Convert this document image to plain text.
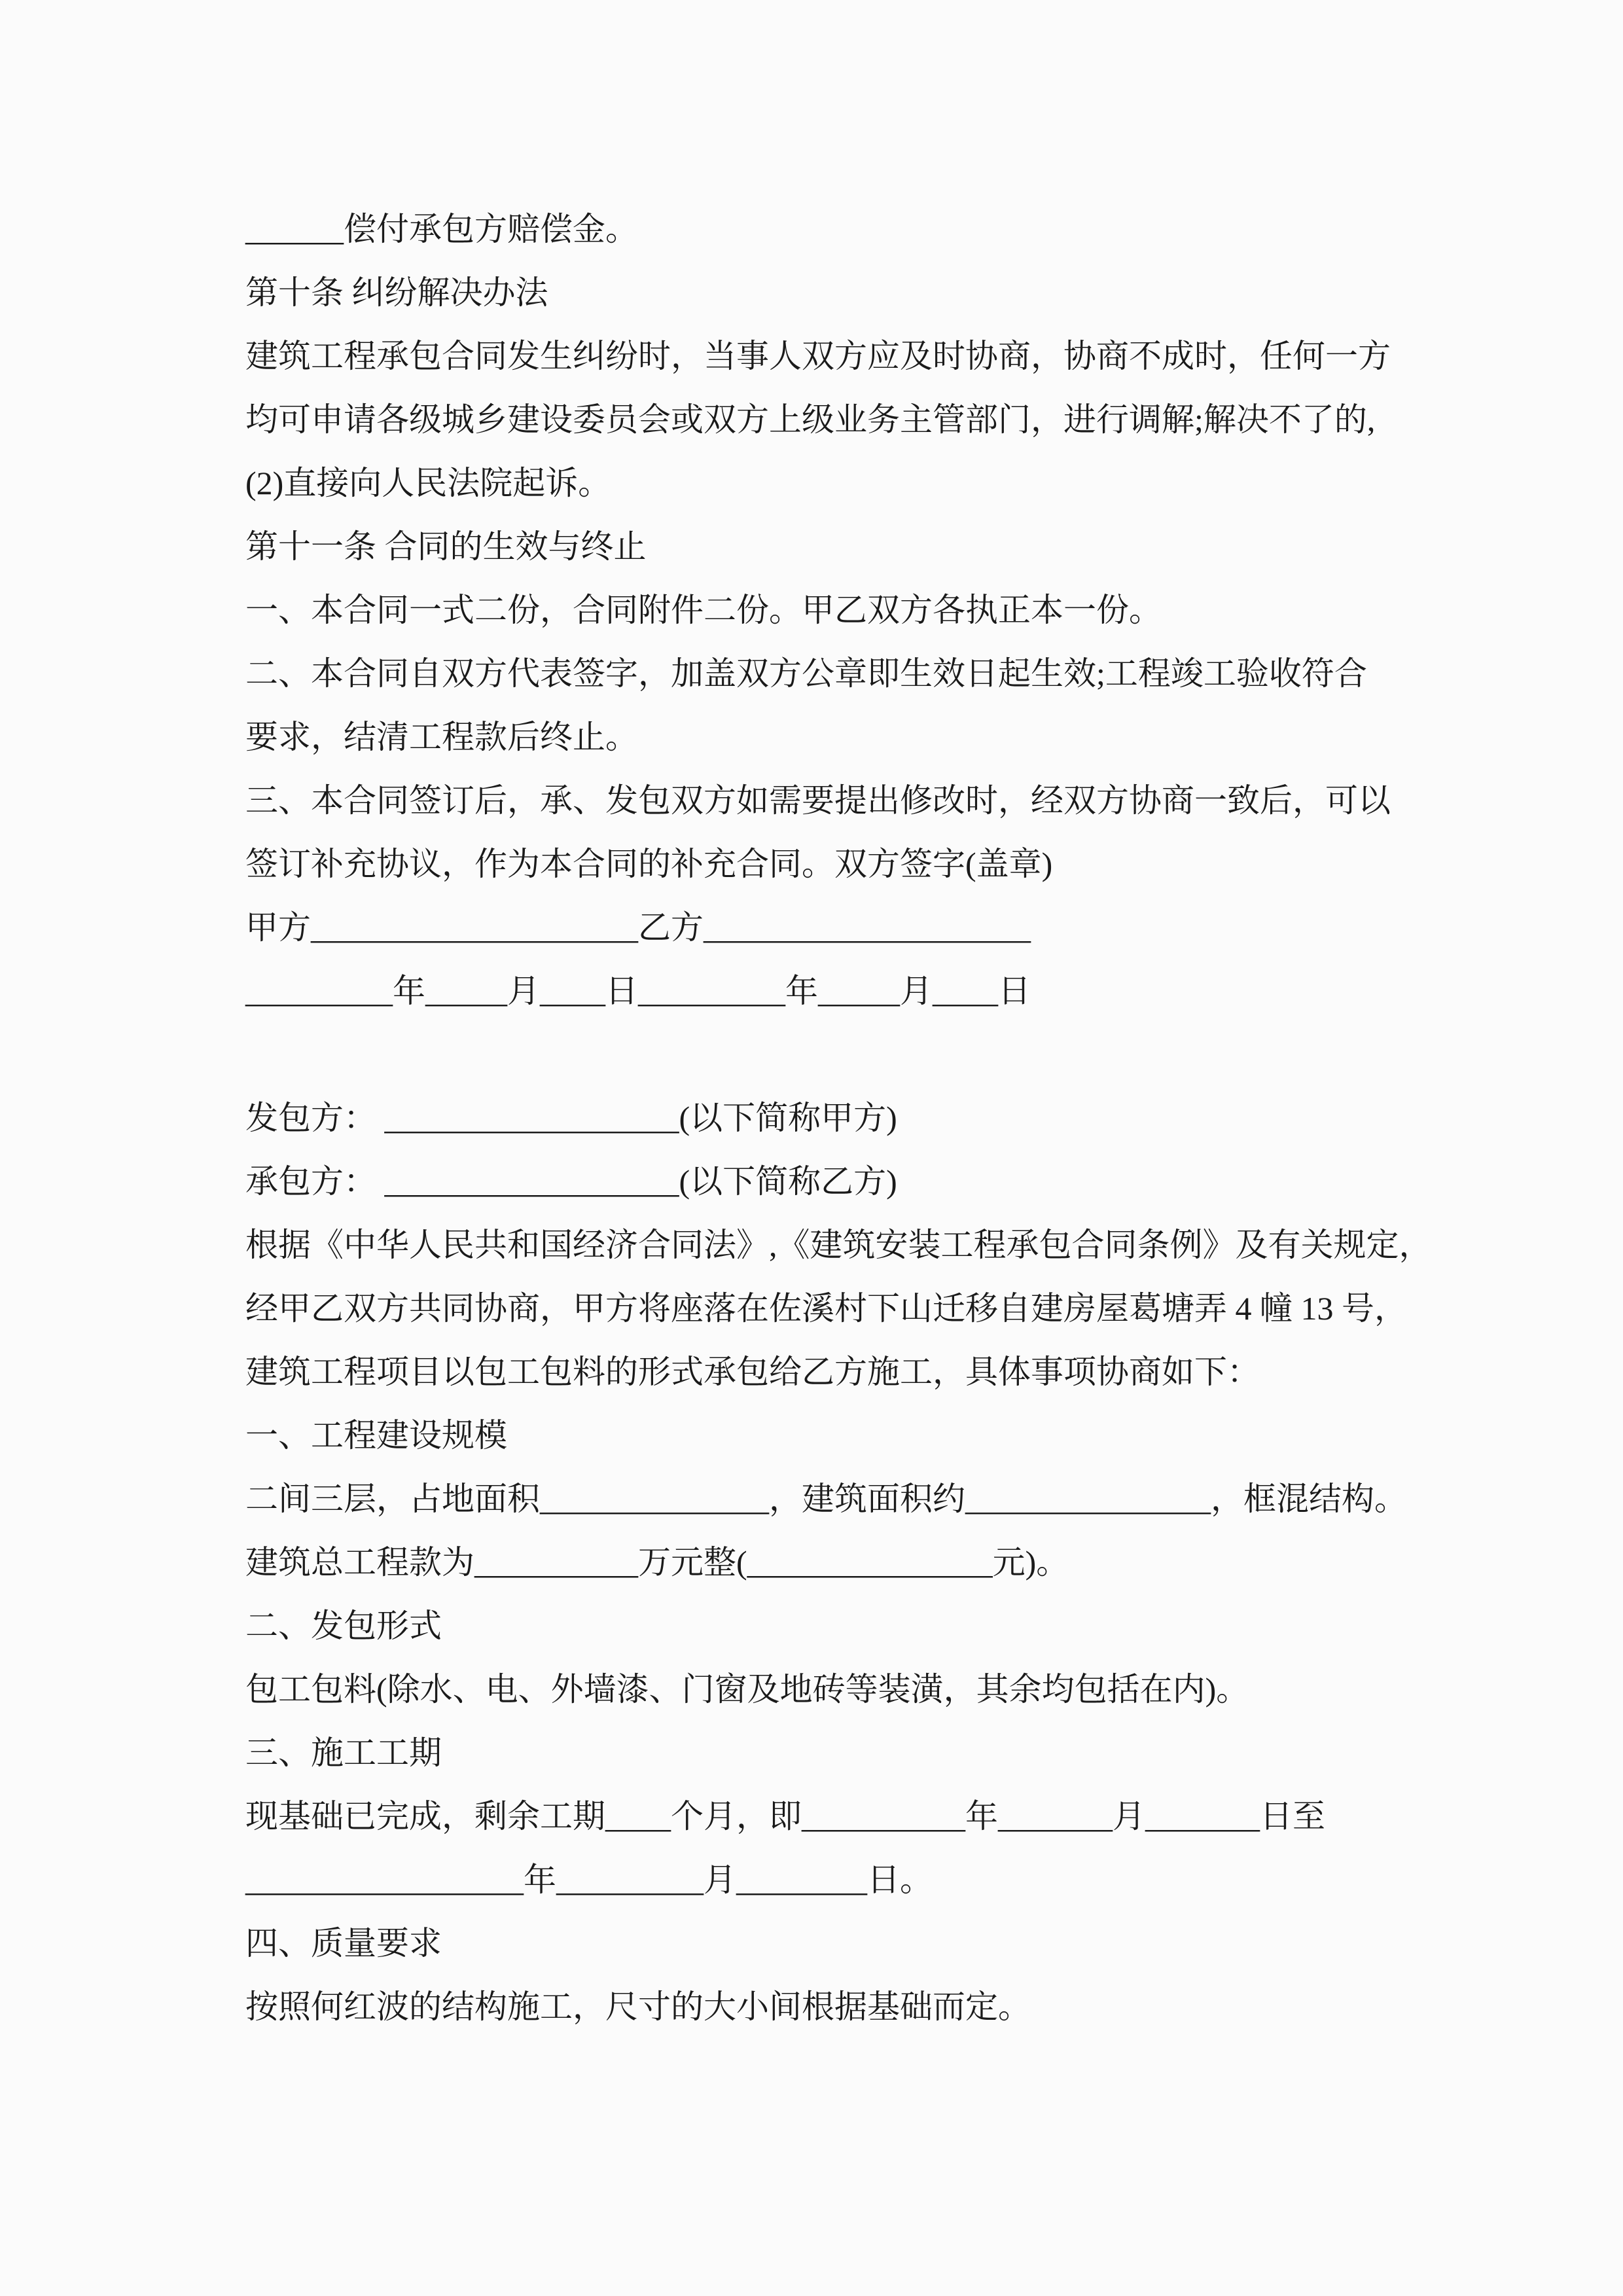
______偿付承包方赔偿金。

第十条 纠纷解决办法

建筑工程承包合同发生纠纷时，当事人双方应及时协商，协商不成时，任何一方

均可申请各级城乡建设委员会或双方上级业务主管部门，进行调解;解决不了的,

(2)直接向人民法院起诉。

第十一条 合同的生效与终止

一、本合同一式二份，合同附件二份。甲乙双方各执正本一份。

二、本合同自双方代表签字，加盖双方公章即生效日起生效;工程竣工验收符合

要求，结清工程款后终止。

三、本合同签订后，承、发包双方如需要提出修改时，经双方协商一致后，可以

签订补充协议，作为本合同的补充合同。双方签字(盖章)

甲方____________________乙方____________________

_________年_____月____日_________年_____月____日

发包方： __________________(以下简称甲方)

承包方： __________________(以下简称乙方)

根据《中华人民共和国经济合同法》,《建筑安装工程承包合同条例》及有关规定，

经甲乙双方共同协商，甲方将座落在佐溪村下山迁移自建房屋葛塘弄 4 幢 13 号，

建筑工程项目以包工包料的形式承包给乙方施工，具体事项协商如下：

一、工程建设规模

二间三层，占地面积______________，建筑面积约_______________，框混结构。

建筑总工程款为__________万元整(_______________元)。

二、发包形式

包工包料(除水、电、外墙漆、门窗及地砖等装潢，其余均包括在内)。

三、施工工期

现基础已完成，剩余工期____个月，即__________年_______月_______日至

_________________年_________月________日。

四、质量要求

按照何红波的结构施工，尺寸的大小间根据基础而定。
